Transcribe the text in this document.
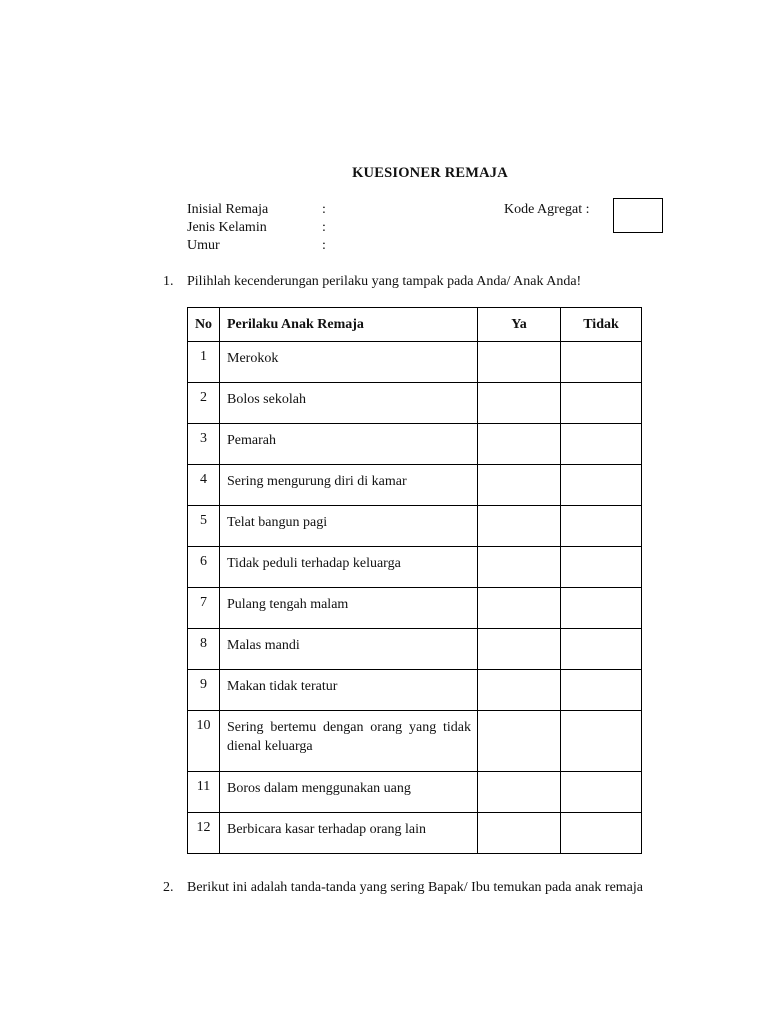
KUESIONER REMAJA
Inisial Remaja	:
Jenis Kelamin	:
Umur	:
Kode Agregat :
1. Pilihlah kecenderungan perilaku yang tampak pada Anda/ Anak Anda!
No	Perilaku Anak Remaja	Ya	Tidak
1	Merokok		
2	Bolos sekolah		
3	Pemarah		
4	Sering mengurung diri di kamar		
5	Telat bangun pagi		
6	Tidak peduli terhadap keluarga		
7	Pulang tengah malam		
8	Malas mandi		
9	Makan tidak teratur		
10	Sering bertemu dengan orang yang tidak dienal keluarga		
11	Boros dalam menggunakan uang		
12	Berbicara kasar terhadap orang lain		
2. Berikut ini adalah tanda-tanda yang sering Bapak/ Ibu temukan pada anak remaja
